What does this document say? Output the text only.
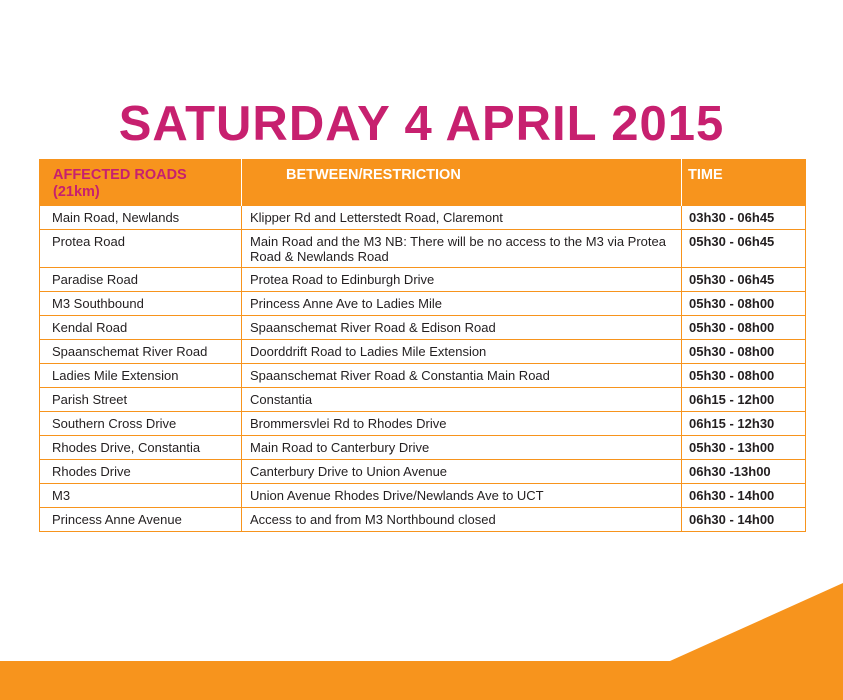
SATURDAY 4 APRIL 2015
AFFECTED ROADS
(21km)	BETWEEN/RESTRICTION	TIME
Main Road, Newlands	Klipper Rd and Letterstedt Road, Claremont	03h30 - 06h45
Protea Road	Main Road and the M3 NB: There will be no access to the M3 via Protea Road & Newlands Road	05h30 - 06h45
Paradise Road	Protea Road to Edinburgh Drive	05h30 - 06h45
M3 Southbound	Princess Anne Ave to Ladies Mile	05h30 - 08h00
Kendal Road	Spaanschemat River Road & Edison Road	05h30 - 08h00
Spaanschemat River Road	Doorddrift Road to Ladies Mile Extension	05h30 - 08h00
Ladies Mile Extension	Spaanschemat River Road & Constantia Main Road	05h30 - 08h00
Parish Street	Constantia	06h15 - 12h00
Southern Cross Drive	Brommersvlei Rd to Rhodes Drive	06h15 - 12h30
Rhodes Drive, Constantia	Main Road to Canterbury Drive	05h30 - 13h00
Rhodes Drive	Canterbury Drive to Union Avenue	06h30 -13h00
M3	Union Avenue Rhodes Drive/Newlands Ave to UCT	06h30 - 14h00
Princess Anne Avenue	Access to and from M3 Northbound closed	06h30 - 14h00
